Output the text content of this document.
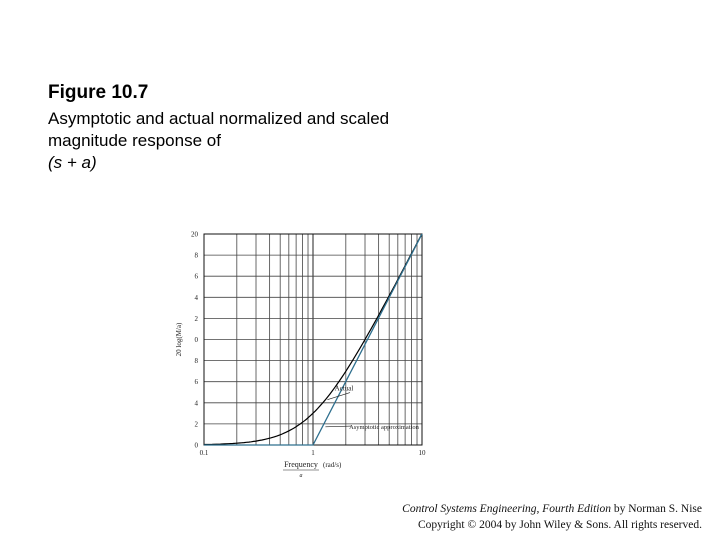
Figure 10.7
Asymptotic and actual normalized and scaled
magnitude response of
(s + a)
0
2
4
6
8
0
2
4
6
8
20
0.1	1	10
20 log(M/a)
Frequency (rad/s)
a
Actual
Asymptotic approximation
Control Systems Engineering, Fourth Edition by Norman S. Nise
Copyright © 2004 by John Wiley & Sons. All rights reserved.
